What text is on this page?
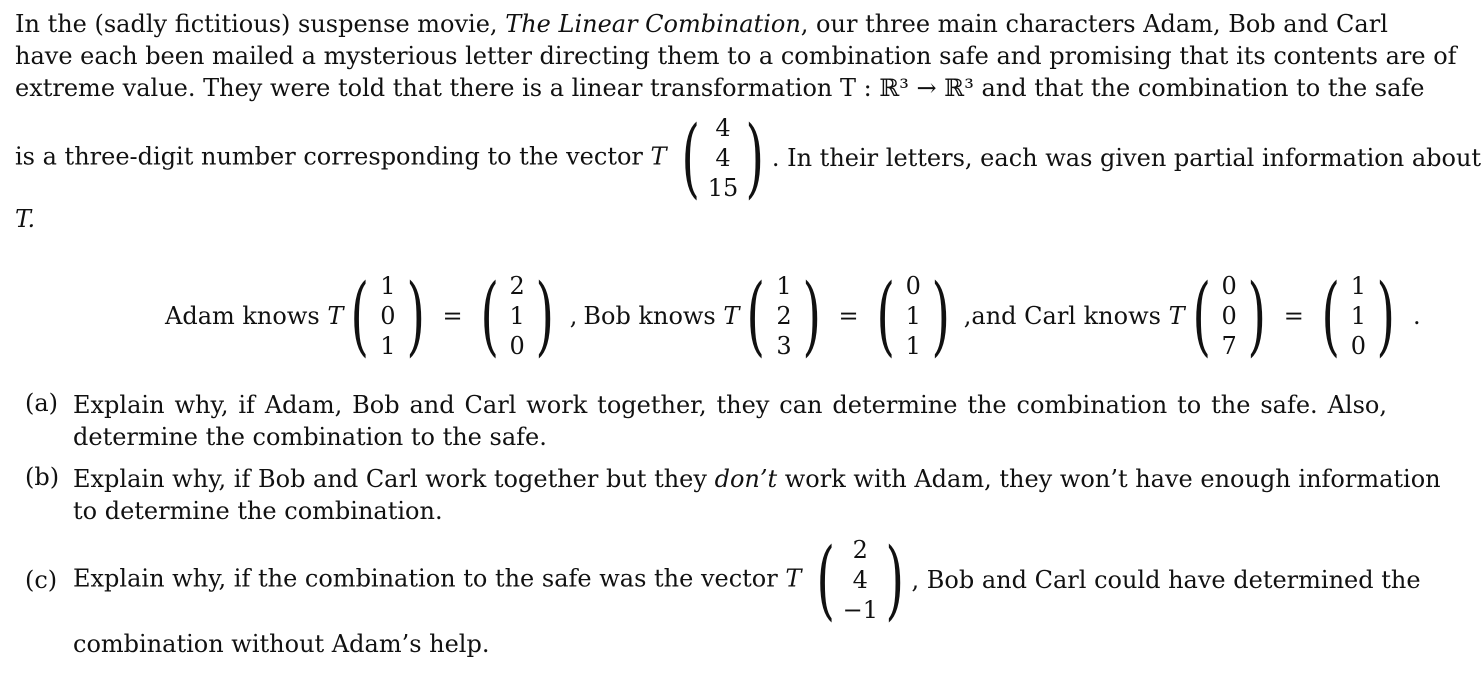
In the (sadly fictitious) suspense movie, The Linear Combination, our three main characters Adam, Bob and Carl
have each been mailed a mysterious letter directing them to a combination safe and promising that its contents are of
extreme value. They were told that there is a linear transformation T : ℝ³ → ℝ³ and that the combination to the safe
is a three-digit number corresponding to the vector T ( 4
4
15 ) . In their letters, each was given partial information about
T.
Adam knows
T ( 1
0
1 ) = ( 2
1
0 ) , Bob knows
T ( 1
2
3 ) = ( 0
1
1 ) , and Carl knows
T ( 0
0
7 ) = ( 1
1
0 ) .
(a) Explain why, if Adam, Bob and Carl work together, they can determine the combination to the safe. Also,
determine the combination to the safe.
(b) Explain why, if Bob and Carl work together but they don’t work with Adam, they won’t have enough information
to determine the combination.
(c) Explain why, if the combination to the safe was the vector T ( 2
4
−1 ) , Bob and Carl could have determined the
combination without Adam’s help.
